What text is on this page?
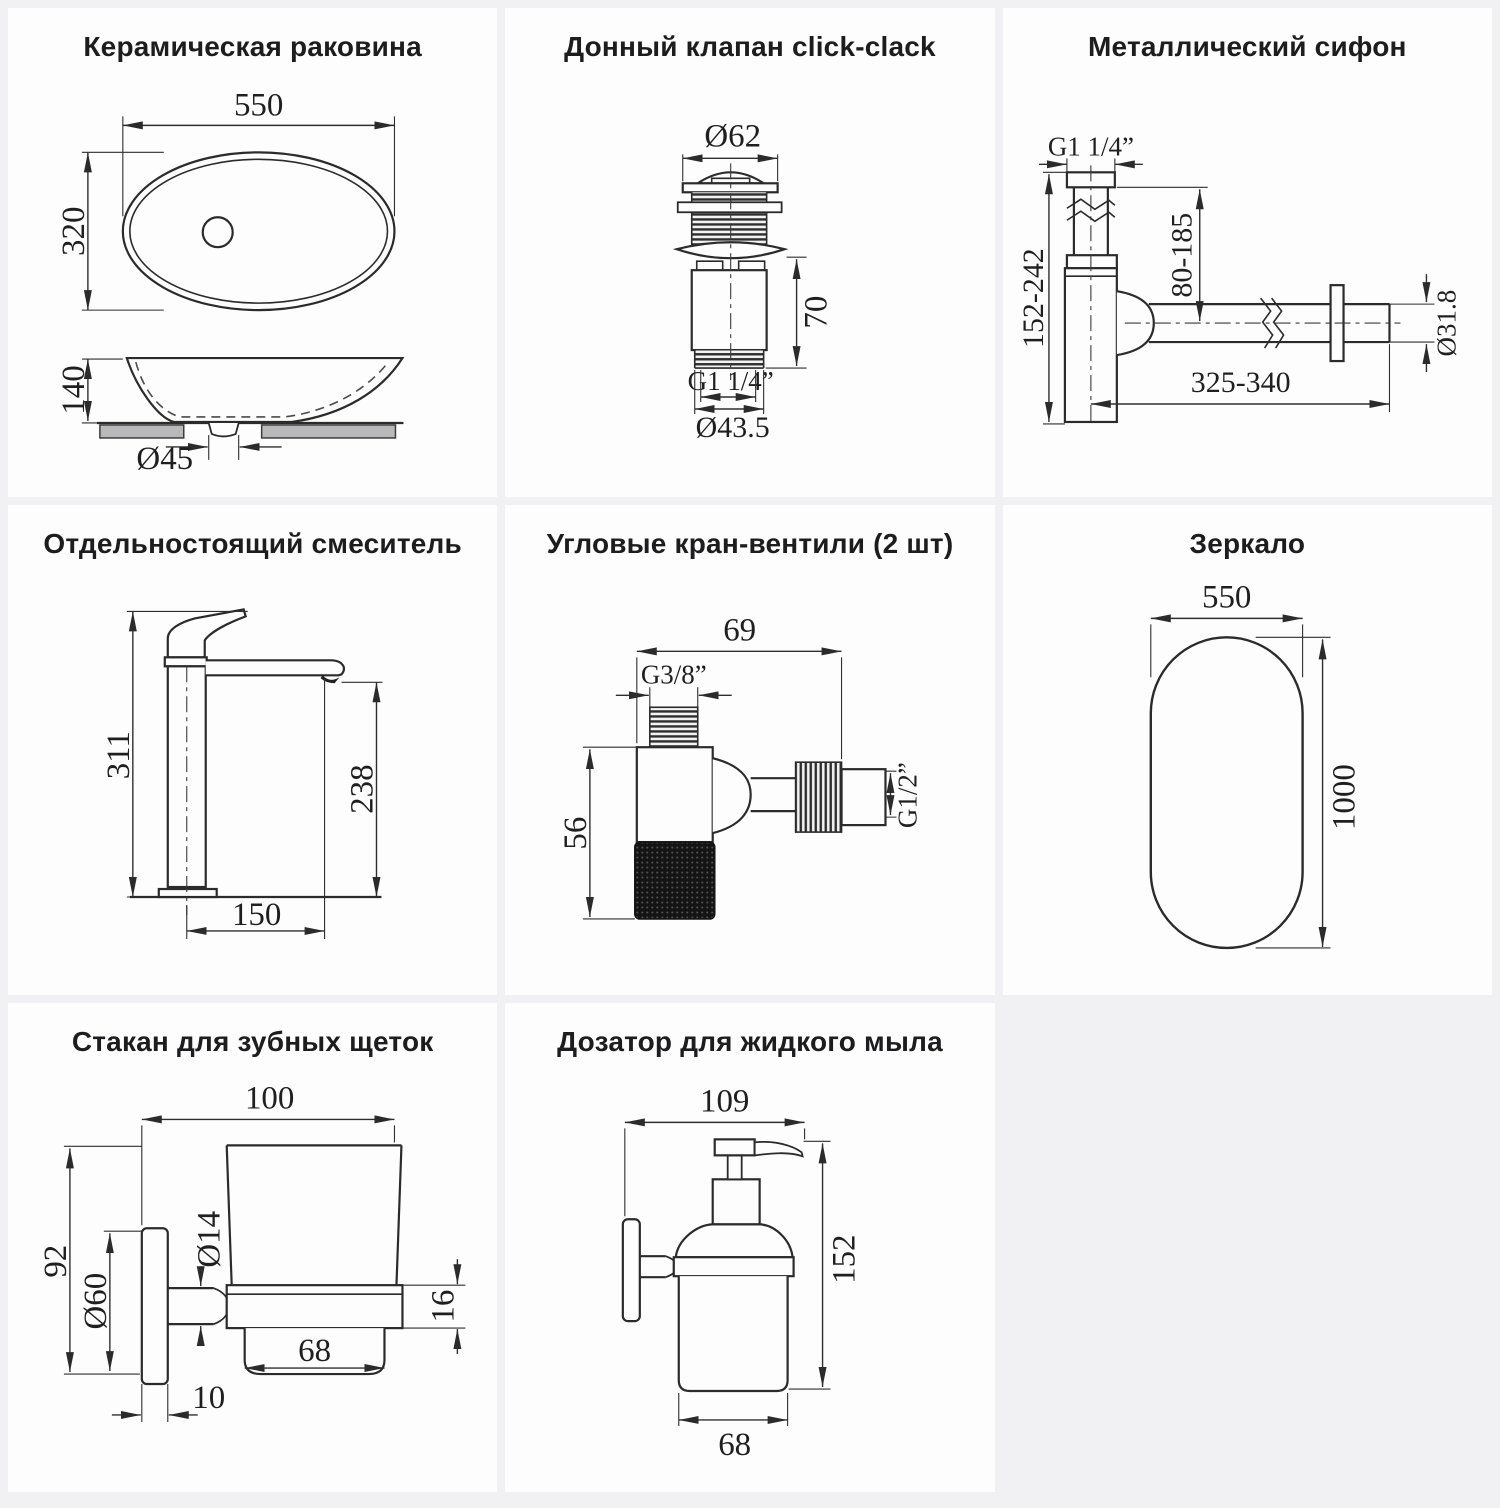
Керамическая раковина
550
320
140
Ø45
Донный клапан click-clack
Ø62
70
G1 1/4”
Ø43.5
Металлический сифон
G1 1/4”
152-242	80-185
Ø31.8
325-340
Отдельностоящий смеситель
311
238
150
Угловые кран-вентили (2 шт)
69
G3/8”
56
G1/2”
Зеркало
550
1000
Стакан для зубных щеток
100
92
Ø60
Ø14
16
68
10
Дозатор для жидкого мыла
109
152
68
